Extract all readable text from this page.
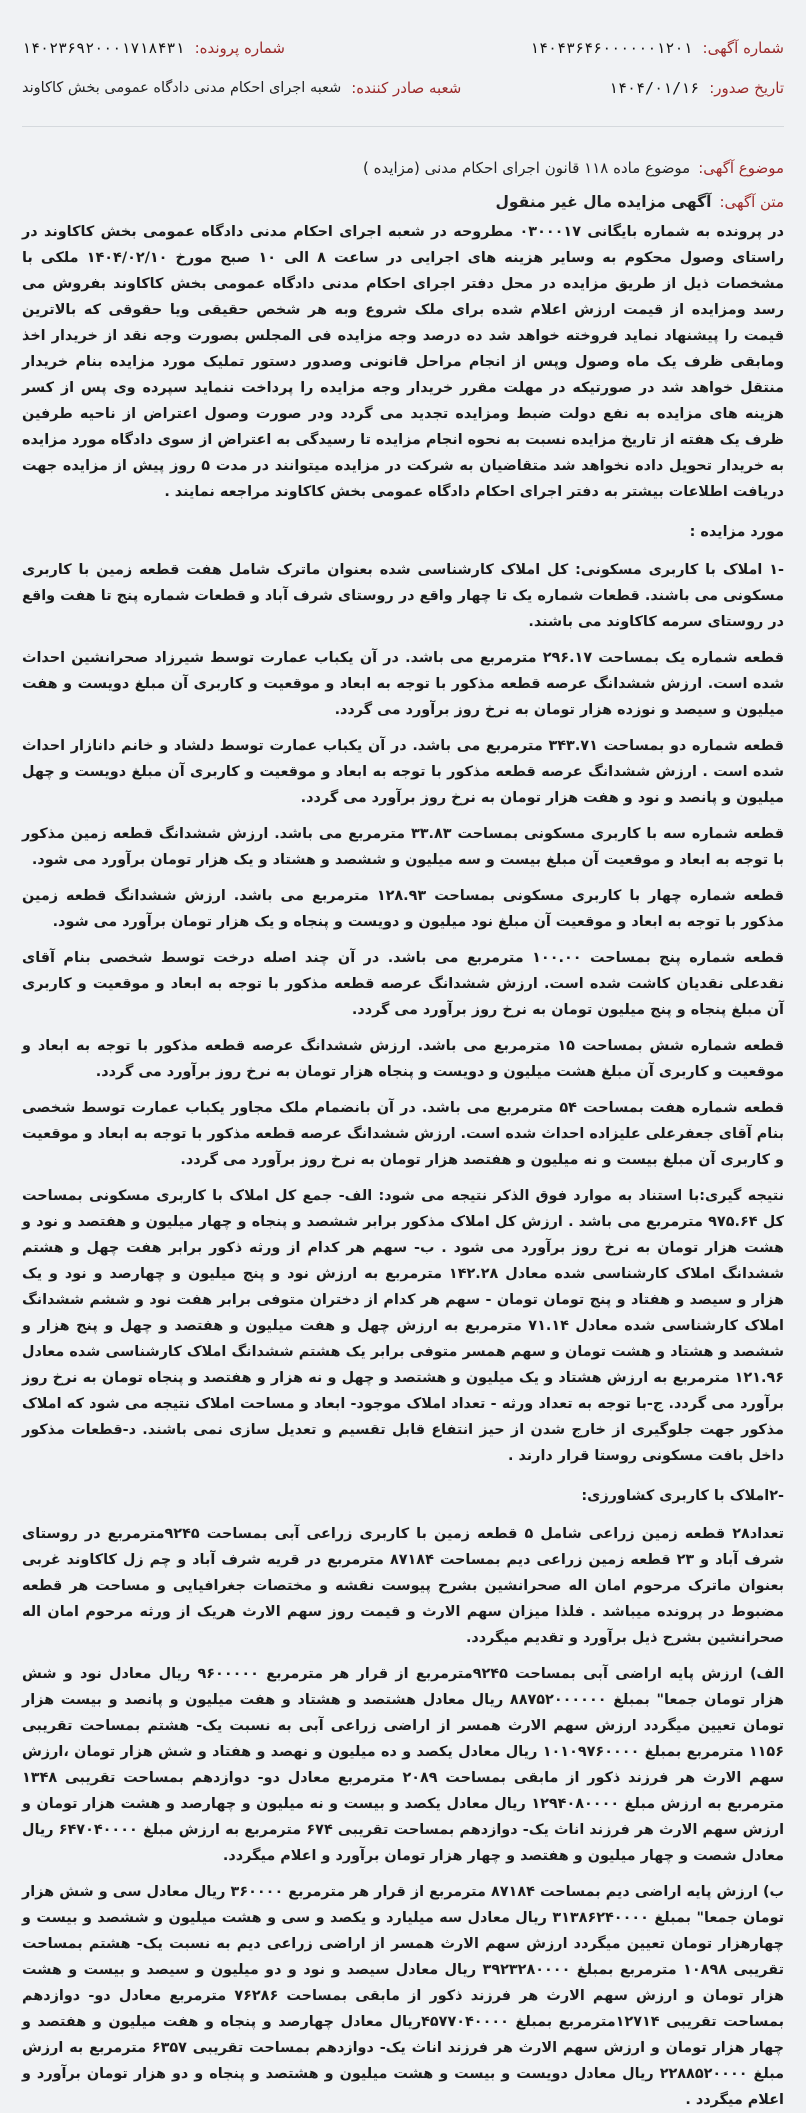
شماره آگهی:
۱۴۰۴۳۶۴۶۰۰۰۰۰۰۱۲۰۱
شماره پرونده:
۱۴۰۲۳۶۹۲۰۰۰۱۷۱۸۴۳۱
تاریخ صدور:
۱۴۰۴/۰۱/۱۶
شعبه صادر کننده:
شعبه اجرای احکام مدنی دادگاه عمومی بخش کاکاوند
موضوع آگهی:
موضوع ماده ۱۱۸ قانون اجرای احکام مدنی (مزایده )
متن آگهی:
آگهی مزایده مال غیر منقول

در پرونده به شماره بایگانی ۰۳۰۰۰۱۷ مطروحه در شعبه اجرای احکام مدنی دادگاه عمومی بخش کاکاوند در راستای وصول محکوم به وسایر هزینه های اجرایی در ساعت ۸ الی ۱۰ صبح مورخ ۱۴۰۴/۰۲/۱۰ ملکی با مشخصات ذیل از طریق مزایده در محل دفتر اجرای احکام مدنی دادگاه عمومی بخش کاکاوند بفروش می رسد ومزایده از قیمت ارزش اعلام شده برای ملک شروع وبه هر شخص حقیقی ویا حقوقی که بالاترین قیمت را پیشنهاد نماید فروخته خواهد شد ده درصد وجه مزایده فی المجلس بصورت وجه نقد از خریدار اخذ ومابقی ظرف یک ماه وصول وپس از انجام مراحل قانونی وصدور دستور تملیک مورد مزایده بنام خریدار منتقل خواهد شد در صورتیکه در مهلت مقرر خریدار وجه مزایده را پرداخت ننماید سپرده وی پس از کسر هزینه های مزایده به نفع دولت ضبط ومزایده تجدید می گردد ودر صورت وصول اعتراض از ناحیه طرفین ظرف یک هفته از تاریخ مزایده نسبت به نحوه انجام مزایده تا رسیدگی به اعتراض از سوی دادگاه مورد مزایده به خریدار تحویل داده نخواهد شد متقاضیان به شرکت در مزایده میتوانند در مدت ۵ روز پیش از مزایده جهت دریافت اطلاعات بیشتر به دفتر اجرای احکام دادگاه عمومی بخش کاکاوند مراجعه نمایند .

مورد مزایده :

-۱ املاک با کاربری مسکونی: کل املاک کارشناسی شده بعنوان ماترک شامل هفت قطعه زمین با کاربری مسکونی می باشند. قطعات شماره یک تا چهار واقع در روستای شرف آباد و قطعات شماره پنج تا هفت واقع در روستای سرمه کاکاوند می باشند.

قطعه شماره یک بمساحت ۲۹۶.۱۷ مترمربع می باشد. در آن یکباب عمارت توسط شیرزاد صحرانشین احداث شده است. ارزش ششدانگ عرصه قطعه مذکور با توجه به ابعاد و موقعیت و کاربری آن مبلغ دویست و هفت میلیون و سیصد و نوزده هزار تومان به نرخ روز برآورد می گردد.

قطعه شماره دو بمساحت ۳۴۳.۷۱ مترمربع می باشد. در آن یکباب عمارت توسط دلشاد و خانم دانازار احداث شده است . ارزش ششدانگ عرصه قطعه مذکور با توجه به ابعاد و موقعیت و کاربری آن مبلغ دویست و چهل میلیون و پانصد و نود و هفت هزار تومان به نرخ روز برآورد می گردد.

قطعه شماره سه با کاربری مسکونی بمساحت ۳۳.۸۳ مترمربع می باشد. ارزش ششدانگ قطعه زمین مذکور با توجه به ابعاد و موقعیت آن مبلغ بیست و سه میلیون و ششصد و هشتاد و یک هزار تومان برآورد می شود.

قطعه شماره چهار با کاربری مسکونی بمساحت ۱۲۸.۹۳ مترمربع می باشد. ارزش ششدانگ قطعه زمین مذکور با توجه به ابعاد و موقعیت آن مبلغ نود میلیون و دویست و پنجاه و یک هزار تومان برآورد می شود.

قطعه شماره پنج بمساحت ۱۰۰.۰۰ مترمربع می باشد. در آن چند اصله درخت توسط شخصی بنام آقای نقدعلی نقدیان کاشت شده است. ارزش ششدانگ عرصه قطعه مذکور با توجه به ابعاد و موقعیت و کاربری آن مبلغ پنجاه و پنج میلیون تومان به نرخ روز برآورد می گردد.

قطعه شماره شش بمساحت ۱۵ مترمربع می باشد. ارزش ششدانگ عرصه قطعه مذکور با توجه به ابعاد و موقعیت و کاربری آن مبلغ هشت میلیون و دویست و پنجاه هزار تومان به نرخ روز برآورد می گردد.

قطعه شماره هفت بمساحت ۵۴ مترمربع می باشد. در آن بانضمام ملک مجاور یکباب عمارت توسط شخصی بنام آقای جعفرعلی علیزاده احداث شده است. ارزش ششدانگ عرصه قطعه مذکور با توجه به ابعاد و موقعیت و کاربری آن مبلغ بیست و نه میلیون و هفتصد هزار تومان به نرخ روز برآورد می گردد.

نتیجه گیری:با استناد به موارد فوق الذکر نتیجه می شود: الف- جمع کل املاک با کاربری مسکونی بمساحت کل ۹۷۵.۶۴ مترمربع می باشد . ارزش کل املاک مذکور برابر ششصد و پنجاه و چهار میلیون و هفتصد و نود و هشت هزار تومان به نرخ روز برآورد می شود . ب- سهم هر کدام از ورثه ذکور برابر هفت چهل و هشتم ششدانگ املاک کارشناسی شده معادل ۱۴۲.۲۸ مترمربع به ارزش نود و پنج میلیون و چهارصد و نود و یک هزار و سیصد و هفتاد و پنج تومان تومان - سهم هر کدام از دختران متوفی برابر هفت نود و ششم ششدانگ املاک کارشناسی شده معادل ۷۱.۱۴ مترمربع به ارزش چهل و هفت میلیون و هفتصد و چهل و پنج هزار و ششصد و هشتاد و هشت تومان و سهم همسر متوفی برابر یک هشتم ششدانگ املاک کارشناسی شده معادل ۱۲۱.۹۶ مترمربع به ارزش هشتاد و یک میلیون و هشتصد و چهل و نه هزار و هفتصد و پنجاه تومان به نرخ روز برآورد می گردد. ج-با توجه به تعداد ورثه - تعداد املاک موجود- ابعاد و مساحت املاک نتیجه می شود که املاک مذکور جهت جلوگیری از خارج شدن از حیز انتفاع قابل تقسیم و تعدیل سازی نمی باشند. د-قطعات مذکور داخل بافت مسکونی روستا قرار دارند .

-۲املاک با کاربری کشاورزی:

تعداد۲۸ قطعه زمین زراعی شامل ۵ قطعه زمین با کاربری زراعی آبی بمساحت ۹۲۴۵مترمربع در روستای شرف آباد و ۲۳ قطعه زمین زراعی دیم بمساحت ۸۷۱۸۴ مترمربع در قریه شرف آباد و چم زل کاکاوند غربی بعنوان ماترک مرحوم امان اله صحرانشین بشرح پیوست نقشه و مختصات جغرافیایی و مساحت هر قطعه مضبوط در پرونده میباشد . فلذا میزان سهم الارث و قیمت روز سهم الارث هریک از ورثه مرحوم امان اله صحرانشین بشرح ذیل برآورد و تقدیم میگردد.

الف) ارزش پایه اراضی آبی بمساحت ۹۲۴۵مترمربع از قرار هر مترمربع ۹۶۰۰۰۰۰ ریال معادل نود و شش هزار تومان جمعا" بمبلغ ۸۸۷۵۲۰۰۰۰۰۰ ریال معادل هشتصد و هشتاد و هفت میلیون و پانصد و بیست هزار تومان تعیین میگردد ارزش سهم الارث همسر از اراضی زراعی آبی به نسبت یک- هشتم بمساحت تقریبی ۱۱۵۶ مترمربع بمبلغ ۱۰۱۰۹۷۶۰۰۰۰ ریال معادل یکصد و ده میلیون و نهصد و هفتاد و شش هزار تومان ،ارزش سهم الارث هر فرزند ذکور از مابقی بمساحت ۲۰۸۹ مترمربع معادل دو- دوازدهم بمساحت تقریبی ۱۳۴۸ مترمربع به ارزش مبلغ ۱۲۹۴۰۸۰۰۰۰ ریال معادل یکصد و بیست و نه میلیون و چهارصد و هشت هزار تومان و ارزش سهم الارث هر فرزند اناث یک- دوازدهم بمساحت تقریبی ۶۷۴ مترمربع به ارزش مبلغ ۶۴۷۰۴۰۰۰۰ ریال معادل شصت و چهار میلیون و هفتصد و چهار هزار تومان برآورد و اعلام میگردد.

ب) ارزش پایه اراضی دیم بمساحت ۸۷۱۸۴ مترمربع از قرار هر مترمربع ۳۶۰۰۰۰ ریال معادل سی و شش هزار تومان جمعا" بمبلغ ۳۱۳۸۶۲۴۰۰۰۰ ریال معادل سه میلیارد و یکصد و سی و هشت میلیون و ششصد و بیست و چهارهزار تومان تعیین میگردد ارزش سهم الارث همسر از اراضی زراعی دیم به نسبت یک- هشتم بمساحت تقریبی ۱۰۸۹۸ مترمربع بمبلغ ۳۹۲۳۲۸۰۰۰۰ ریال معادل سیصد و نود و دو میلیون و سیصد و بیست و هشت هزار تومان و ارزش سهم الارث هر فرزند ذکور از مابقی بمساحت ۷۶۲۸۶ مترمربع معادل دو- دوازدهم بمساحت تقریبی ۱۲۷۱۴مترمربع بمبلغ ۴۵۷۷۰۴۰۰۰۰ریال معادل چهارصد و پنجاه و هفت میلیون و هفتصد و چهار هزار تومان و ارزش سهم الارث هر فرزند اناث یک- دوازدهم بمساحت تقریبی ۶۳۵۷ مترمربع به ارزش مبلغ ۲۲۸۸۵۲۰۰۰۰ ریال معادل دویست و بیست و هشت میلیون و هشتصد و پنجاه و دو هزار تومان برآورد و اعلام میگردد .
